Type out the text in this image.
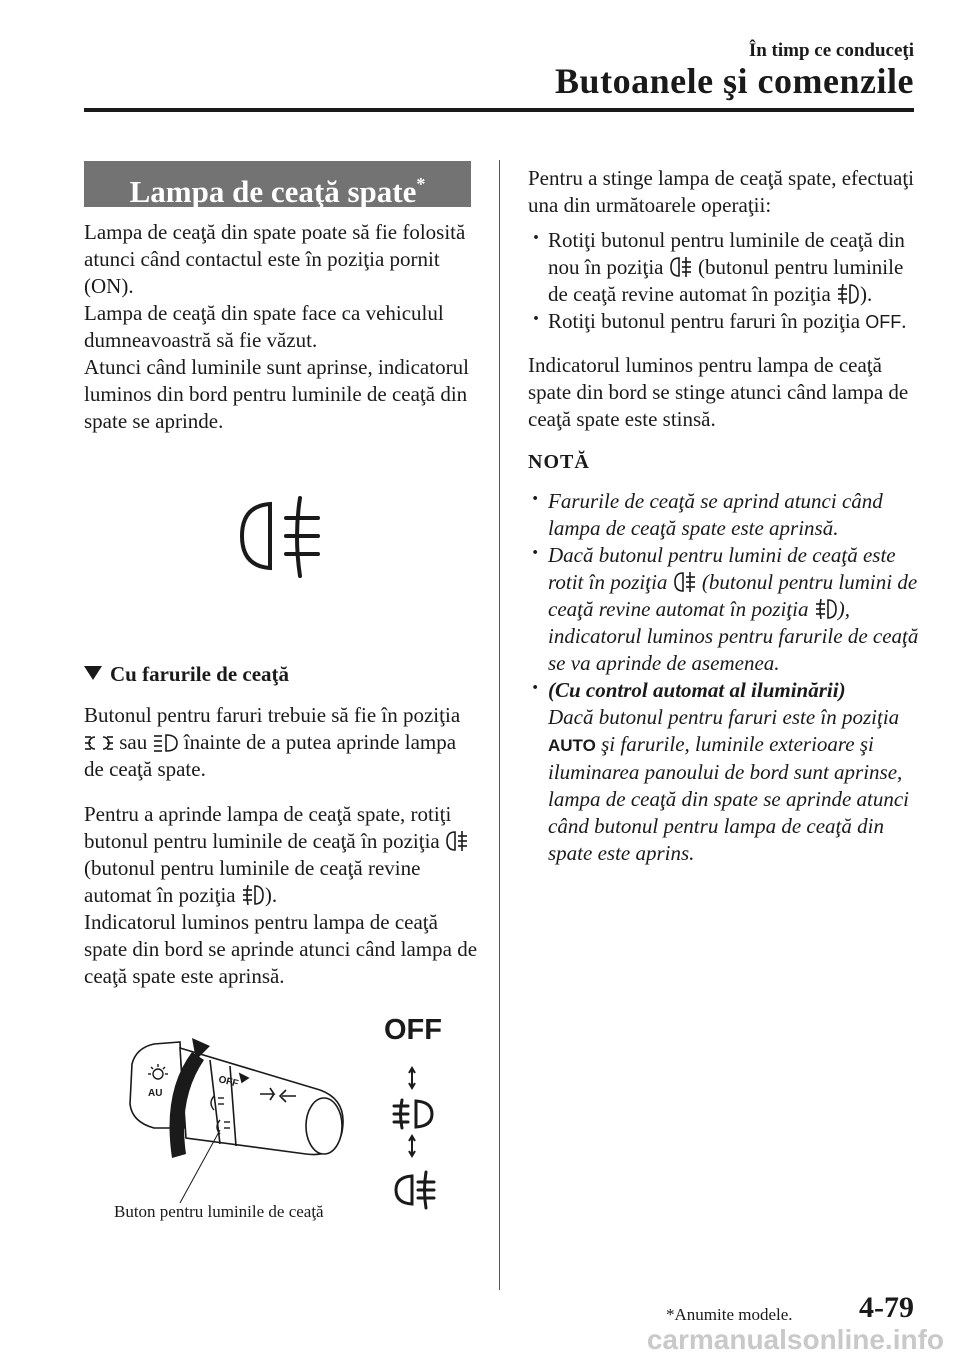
În timp ce conduceţi
Butoanele şi comenzile
Lampa de ceaţă spate*

Lampa de ceaţă din spate poate să fie folosită atunci când contactul este în poziţia pornit (ON).

Lampa de ceaţă din spate face ca vehiculul dumneavoastră să fie văzut.

Atunci când luminile sunt aprinse, indicatorul luminos din bord pentru luminile de ceaţă din spate se aprinde.

Cu farurile de ceaţă

Butonul pentru faruri trebuie să fie în poziţia
sau înainte de a putea aprinde lampa de ceaţă spate.

Pentru a aprinde lampa de ceaţă spate, rotiţi butonul pentru luminile de ceaţă în poziţia
(butonul pentru luminile de ceaţă revine automat în poziţia ).

Indicatorul luminos pentru lampa de ceaţă spate din bord se aprinde atunci când lampa de ceaţă spate este aprinsă.

AU
OFF
Buton pentru luminile de ceaţă
OFF

Pentru a stinge lampa de ceaţă spate, efectuaţi una din următoarele operaţii:

· Rotiţi butonul pentru luminile de ceaţă din nou în poziţia (butonul pentru luminile de ceaţă revine automat în poziţia ).

· Rotiţi butonul pentru faruri în poziţia OFF.

Indicatorul luminos pentru lampa de ceaţă spate din bord se stinge atunci când lampa de ceaţă spate este stinsă.

NOTĂ

· Farurile de ceaţă se aprind atunci când lampa de ceaţă spate este aprinsă.

· Dacă butonul pentru lumini de ceaţă este rotit în poziţia (butonul pentru lumini de ceaţă revine automat în poziţia ), indicatorul luminos pentru farurile de ceaţă se va aprinde de asemenea.

· (Cu control automat al iluminării)
Dacă butonul pentru faruri este în poziţia AUTO şi farurile, luminile exterioare şi iluminarea panoului de bord sunt aprinse, lampa de ceaţă din spate se aprinde atunci când butonul pentru lampa de ceaţă din spate este aprins.

*Anumite modele. 4-79
carmanualsonline.info
